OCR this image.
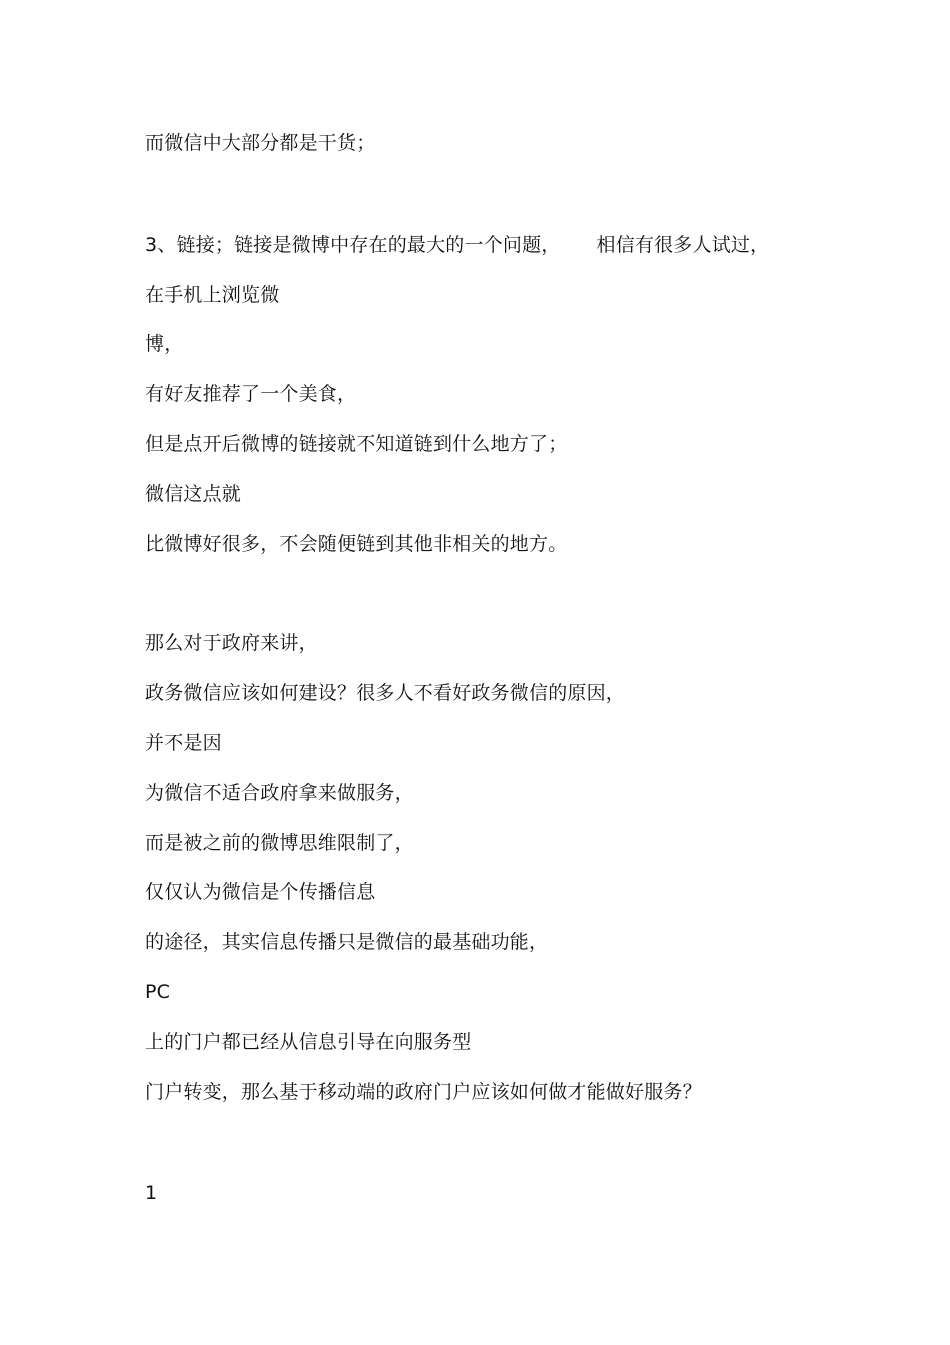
而微信中大部分都是干货；
3、链接；链接是微博中存在的最大的一个问题， 相信有很多人试过，
在手机上浏览微
博，
有好友推荐了一个美食，
但是点开后微博的链接就不知道链到什么地方了；
微信这点就
比微博好很多，不会随便链到其他非相关的地方。
那么对于政府来讲，
政务微信应该如何建设？很多人不看好政务微信的原因，
并不是因
为微信不适合政府拿来做服务，
而是被之前的微博思维限制了，
仅仅认为微信是个传播信息
的途径，其实信息传播只是微信的最基础功能，
PC
上的门户都已经从信息引导在向服务型
门户转变，那么基于移动端的政府门户应该如何做才能做好服务？
1
